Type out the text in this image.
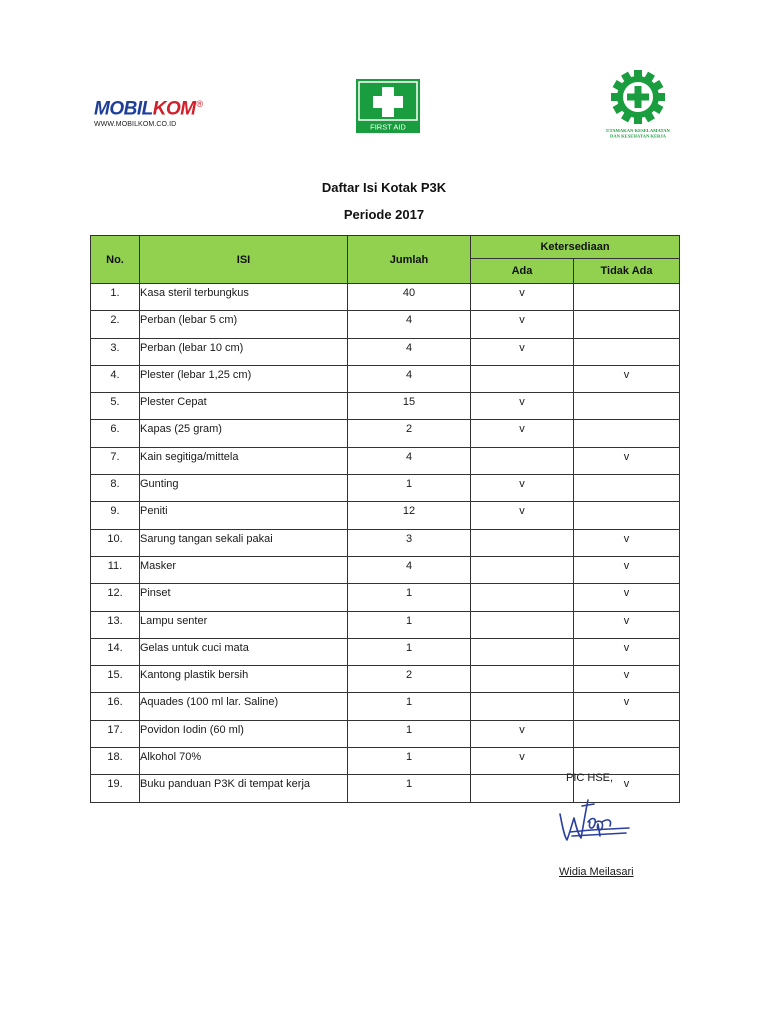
MOBILKOM®
WWW.MOBILKOM.CO.ID	FIRST AID	UTAMAKAN KESELAMATAN
DAN KESEHATAN KERJA
Daftar Isi Kotak P3K
Periode 2017
No.	ISI	Jumlah	Ketersediaan	
			Ada	Tidak Ada
1.	Kasa steril terbungkus	40	v	
2.	Perban (lebar 5 cm)	4	v	
3.	Perban (lebar 10 cm)	4	v	
4.	Plester (lebar 1,25 cm)	4		v
5.	Plester Cepat	15	v	
6.	Kapas (25 gram)	2	v	
7.	Kain segitiga/mittela	4		v
8.	Gunting	1	v	
9.	Peniti	12	v	
10.	Sarung tangan sekali pakai	3		v
11.	Masker	4		v
12.	Pinset	1		v
13.	Lampu senter	1		v
14.	Gelas untuk cuci mata	1		v
15.	Kantong plastik bersih	2		v
16.	Aquades (100 ml lar. Saline)	1		v
17.	Povidon Iodin (60 ml)	1	v	
18.	Alkohol 70%	1	v	
19.	Buku panduan P3K di tempat kerja	1		v
PIC HSE,
Widia Meilasari
